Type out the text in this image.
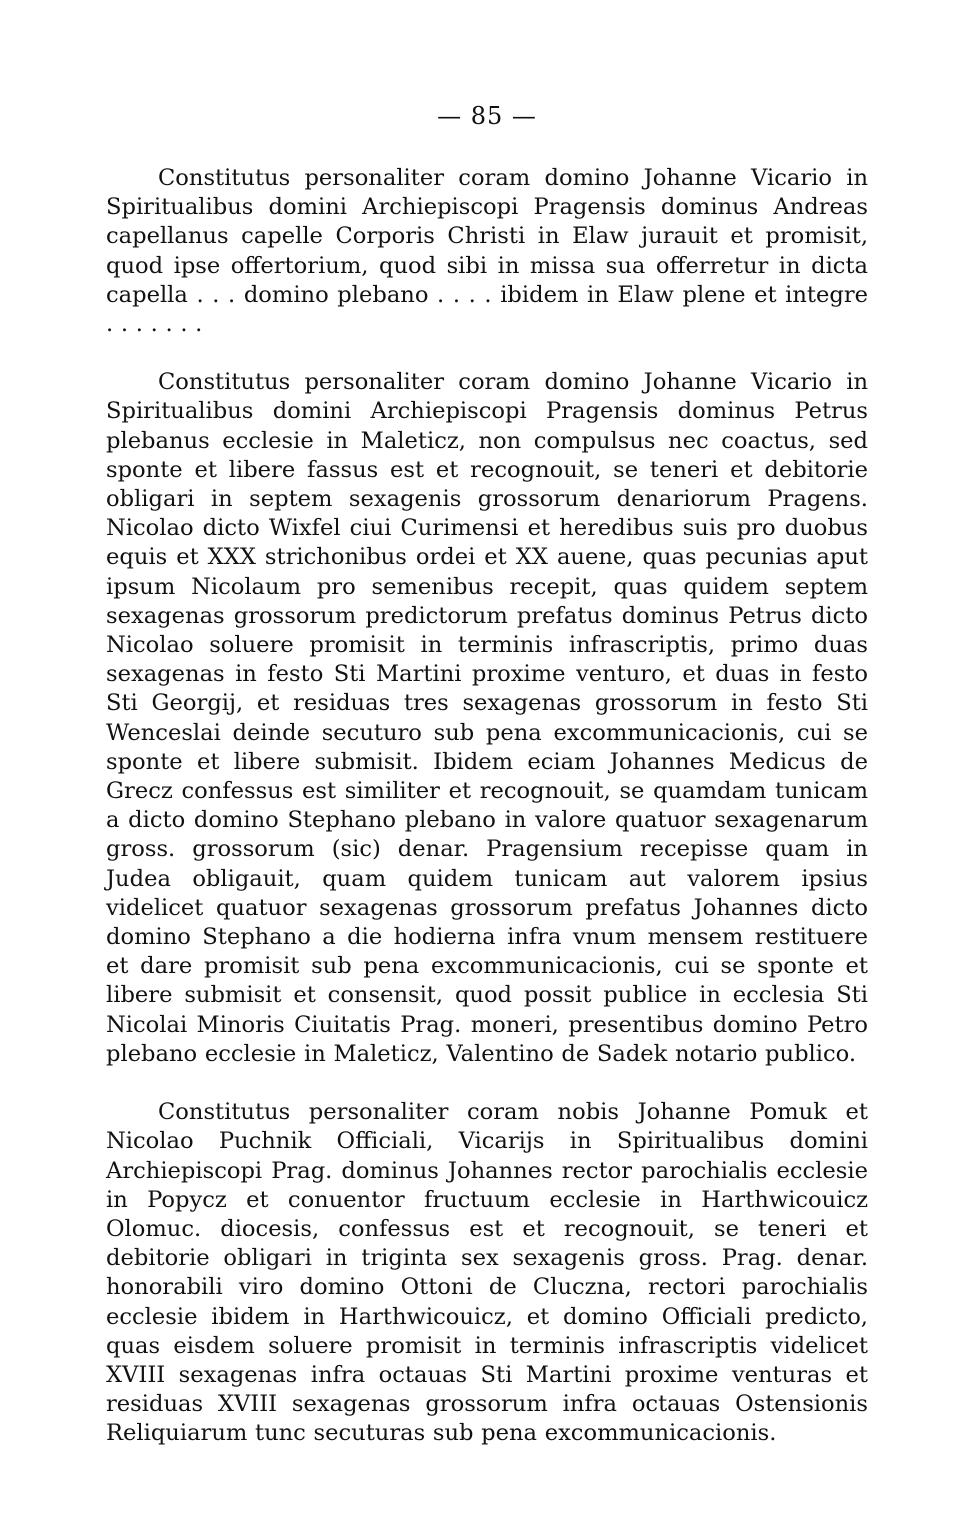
— 85 —

Constitutus personaliter coram domino Johanne Vicario in Spiritualibus domini Archiepiscopi Pragensis dominus Andreas capellanus capelle Corporis Christi in Elaw jurauit et promisit, quod ipse offertorium, quod sibi in missa sua offerretur in dicta capella . . . domino plebano . . . . ibidem in Elaw plene et integre . . . . . . .

Constitutus personaliter coram domino Johanne Vicario in Spiritualibus domini Archiepiscopi Pragensis dominus Petrus plebanus ecclesie in Maleticz, non compulsus nec coactus, sed sponte et libere fassus est et recognouit, se teneri et debitorie obligari in septem sexagenis grossorum denariorum Pragens. Nicolao dicto Wixfel ciui Curimensi et heredibus suis pro duobus equis et XXX strichonibus ordei et XX auene, quas pecunias aput ipsum Nicolaum pro semenibus recepit, quas quidem septem sexagenas grossorum predictorum prefatus dominus Petrus dicto Nicolao soluere promisit in terminis infrascriptis, primo duas sexagenas in festo Sti Martini proxime venturo, et duas in festo Sti Georgij, et residuas tres sexagenas grossorum in festo Sti Wenceslai deinde secuturo sub pena excommunicacionis, cui se sponte et libere submisit. Ibidem eciam Johannes Medicus de Grecz confessus est similiter et recognouit, se quamdam tunicam a dicto domino Stephano plebano in valore quatuor sexagenarum gross. grossorum (sic) denar. Pragensium recepisse quam in Judea obligauit, quam quidem tunicam aut valorem ipsius videlicet quatuor sexagenas grossorum prefatus Johannes dicto domino Stephano a die hodierna infra vnum mensem restituere et dare promisit sub pena excommunicacionis, cui se sponte et libere submisit et consensit, quod possit publice in ecclesia Sti Nicolai Minoris Ciuitatis Prag. moneri, presentibus domino Petro plebano ecclesie in Maleticz, Valentino de Sadek notario publico.

Constitutus personaliter coram nobis Johanne Pomuk et Nicolao Puchnik Officiali, Vicarijs in Spiritualibus domini Archiepiscopi Prag. dominus Johannes rector parochialis ecclesie in Popycz et conuentor fructuum ecclesie in Harthwicouicz Olomuc. diocesis, confessus est et recognouit, se teneri et debitorie obligari in triginta sex sexagenis gross. Prag. denar. honorabili viro domino Ottoni de Cluczna, rectori parochialis ecclesie ibidem in Harthwicouicz, et domino Officiali predicto, quas eisdem soluere promisit in terminis infrascriptis videlicet XVIII sexagenas infra octauas Sti Martini proxime venturas et residuas XVIII sexagenas grossorum infra octauas Ostensionis Reliquiarum tunc secuturas sub pena excommunicacionis.
